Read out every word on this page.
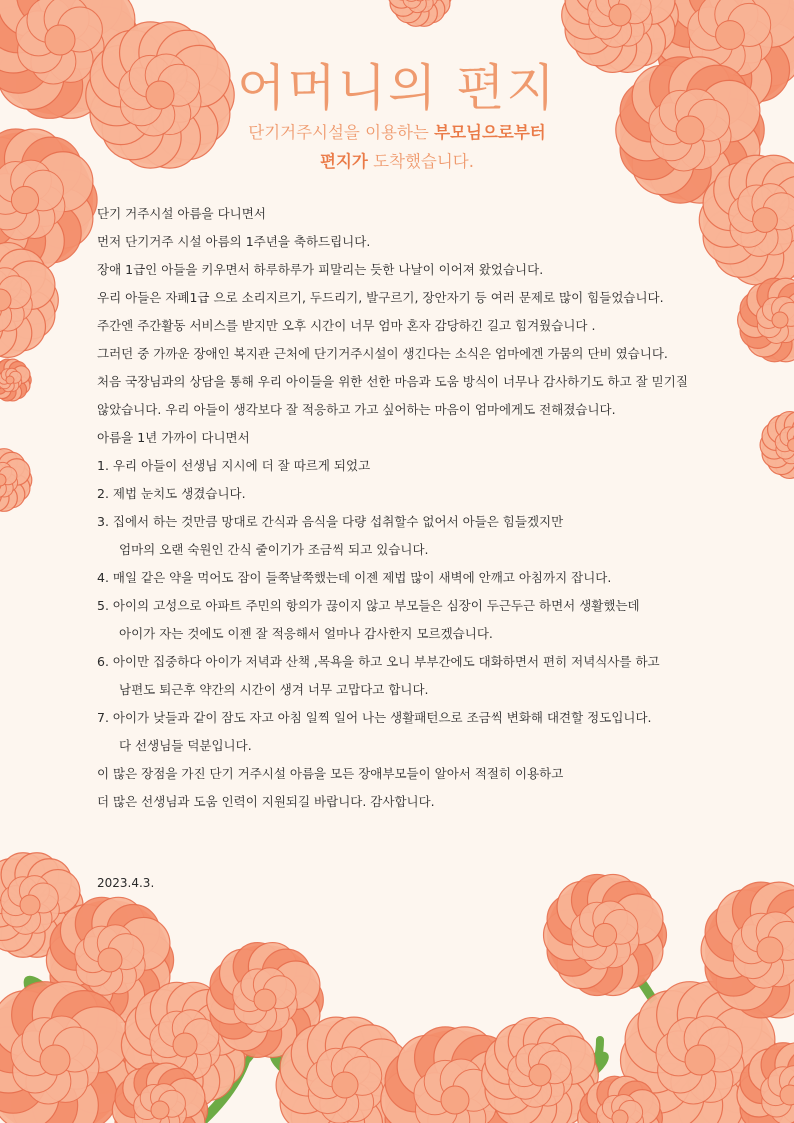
어머니의 편지
단기거주시설을 이용하는 부모님으로부터
편지가 도착했습니다.
단기 거주시설 아름을 다니면서
먼저 단기거주 시설 아름의 1주년을 축하드립니다.
장애 1급인 아들을 키우면서 하루하루가 피말리는 듯한 나날이 이어져 왔었습니다.
우리 아들은 자폐1급 으로 소리지르기, 두드리기, 발구르기, 장안자기 등 여러 문제로 많이 힘들었습니다.
주간엔 주간활동 서비스를 받지만 오후 시간이 너무 엄마 혼자 감당하긴 길고 힘겨웠습니다 .
그러던 중 가까운 장애인 복지관 근처에 단기거주시설이 생긴다는 소식은 엄마에겐 가뭄의 단비 였습니다.
처음 국장님과의 상담을 통해 우리 아이들을 위한 선한 마음과 도움 방식이 너무나 감사하기도 하고 잘 믿기질
않았습니다. 우리 아들이 생각보다 잘 적응하고 가고 싶어하는 마음이 엄마에게도 전해졌습니다.
아름을 1년 가까이 다니면서
1. 우리 아들이 선생님 지시에 더 잘 따르게 되었고
2. 제법 눈치도 생겼습니다.
3. 집에서 하는 것만큼 망대로 간식과 음식을 다량 섭취할수 없어서 아들은 힘들겠지만
엄마의 오랜 숙원인 간식 줄이기가 조금씩 되고 있습니다.
4. 매일 같은 약을 먹어도 잠이 들쭉날쭉했는데 이젠 제법 많이 새벽에 안깨고 아침까지 잡니다.
5. 아이의 고성으로 아파트 주민의 항의가 끊이지 않고 부모들은 심장이 두근두근 하면서 생활했는데
아이가 자는 것에도 이젠 잘 적응해서 얼마나 감사한지 모르겠습니다.
6. 아이만 집중하다 아이가 저녁과 산책 ,목욕을 하고 오니 부부간에도 대화하면서 편히 저녁식사를 하고
남편도 퇴근후 약간의 시간이 생겨 너무 고맙다고 합니다.
7. 아이가 낮들과 같이 잠도 자고 아침 일찍 일어 나는 생활패턴으로 조금씩 변화해 대견할 정도입니다.
다 선생님들 덕분입니다.
이 많은 장점을 가진 단기 거주시설 아름을 모든 장애부모들이 알아서 적절히 이용하고
더 많은 선생님과 도움 인력이 지원되길 바랍니다. 감사합니다.
2023.4.3.
